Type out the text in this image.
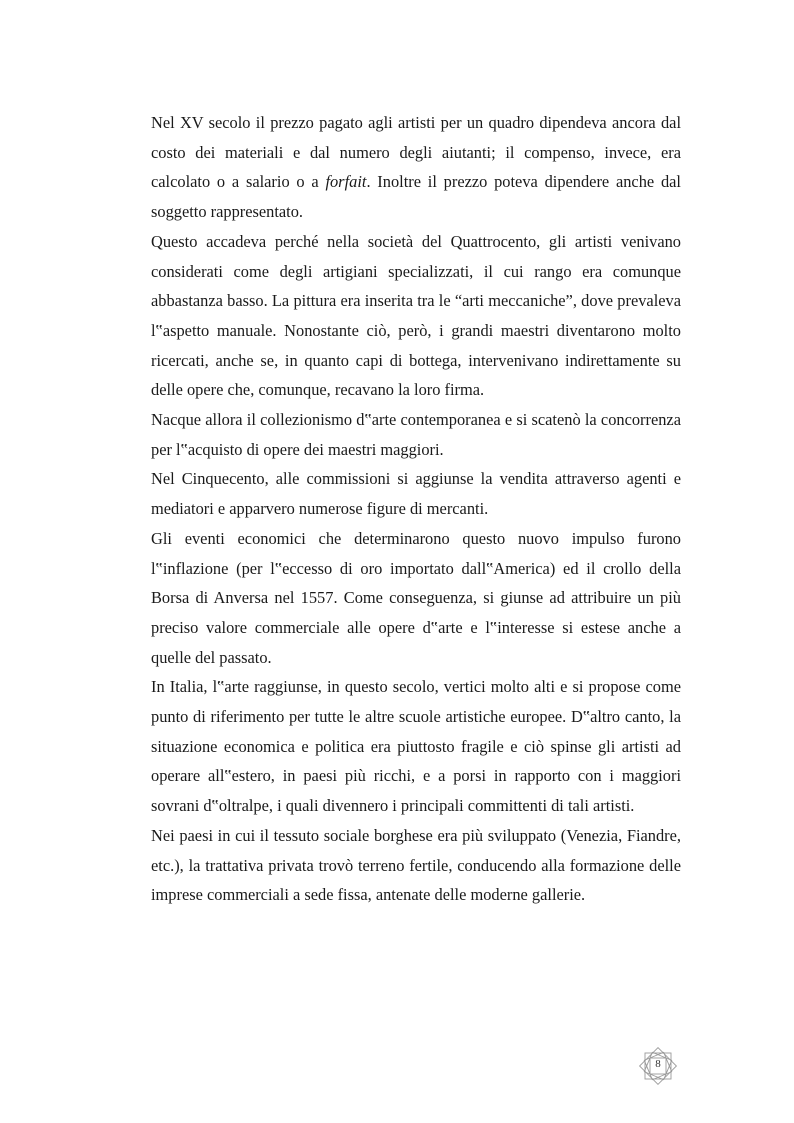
Nel XV secolo il prezzo pagato agli artisti per un quadro dipendeva ancora dal costo dei materiali e dal numero degli aiutanti; il compenso, invece, era calcolato o a salario o a forfait. Inoltre il prezzo poteva dipendere anche dal soggetto rappresentato.

Questo accadeva perché nella società del Quattrocento, gli artisti venivano considerati come degli artigiani specializzati, il cui rango era comunque abbastanza basso. La pittura era inserita tra le “arti meccaniche”, dove prevaleva l‟aspetto manuale. Nonostante ciò, però, i grandi maestri diventarono molto ricercati, anche se, in quanto capi di bottega, intervenivano indirettamente su delle opere che, comunque, recavano la loro firma.

Nacque allora il collezionismo d‟arte contemporanea e si scatenò la concorrenza per l‟acquisto di opere dei maestri maggiori.

Nel Cinquecento, alle commissioni si aggiunse la vendita attraverso agenti e mediatori e apparvero numerose figure di mercanti.

Gli eventi economici che determinarono questo nuovo impulso furono l‟inflazione (per l‟eccesso di oro importato dall‟America) ed il crollo della Borsa di Anversa nel 1557. Come conseguenza, si giunse ad attribuire un più preciso valore commerciale alle opere d‟arte e l‟interesse si estese anche a quelle del passato.

In Italia, l‟arte raggiunse, in questo secolo, vertici molto alti e si propose come punto di riferimento per tutte le altre scuole artistiche europee. D‟altro canto, la situazione economica e politica era piuttosto fragile e ciò spinse gli artisti ad operare all‟estero, in paesi più ricchi, e a porsi in rapporto con i maggiori sovrani d‟oltralpe, i quali divennero i principali committenti di tali artisti.

Nei paesi in cui il tessuto sociale borghese era più sviluppato (Venezia, Fiandre, etc.), la trattativa privata trovò terreno fertile, conducendo alla formazione delle imprese commerciali a sede fissa, antenate delle moderne gallerie.

8
